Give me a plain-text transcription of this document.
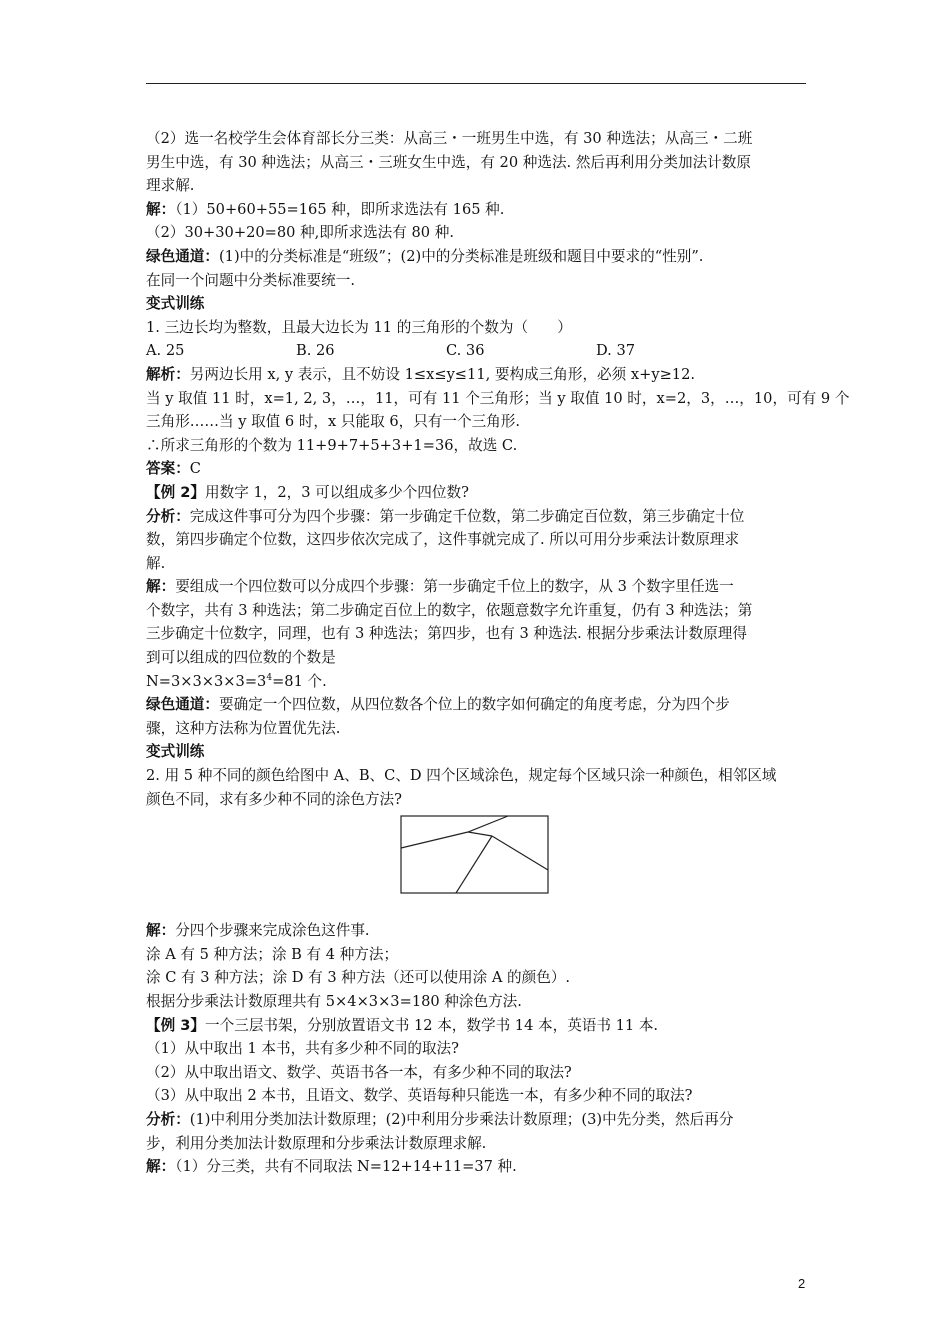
（2）选一名校学生会体育部长分三类：从高三・一班男生中选，有 30 种选法；从高三・二班

男生中选，有 30 种选法；从高三・三班女生中选，有 20 种选法. 然后再利用分类加法计数原

理求解.

解：（1）50+60+55=165 种，即所求选法有 165 种.

（2）30+30+20=80 种,即所求选法有 80 种.

绿色通道：(1)中的分类标准是“班级”；(2)中的分类标准是班级和题目中要求的“性别”.

在同一个问题中分类标准要统一.

变式训练

1. 三边长均为整数，且最大边长为 11 的三角形的个数为（　　）

A. 25	B. 26	C. 36	D. 37

解析：另两边长用 x, y 表示，且不妨设 1≤x≤y≤11, 要构成三角形，必须 x+y≥12.

当 y 取值 11 时，x=1, 2, 3，…，11，可有 11 个三角形；当 y 取值 10 时，x=2，3，…，10，可有 9 个

三角形……当 y 取值 6 时，x 只能取 6，只有一个三角形.

∴所求三角形的个数为 11+9+7+5+3+1=36，故选 C.

答案：C

【例 2】用数字 1，2，3 可以组成多少个四位数?

分析：完成这件事可分为四个步骤：第一步确定千位数，第二步确定百位数，第三步确定十位

数，第四步确定个位数，这四步依次完成了，这件事就完成了. 所以可用分步乘法计数原理求

解.

解：要组成一个四位数可以分成四个步骤：第一步确定千位上的数字，从 3 个数字里任选一

个数字，共有 3 种选法；第二步确定百位上的数字，依题意数字允许重复，仍有 3 种选法；第

三步确定十位数字，同理，也有 3 种选法；第四步，也有 3 种选法. 根据分步乘法计数原理得

到可以组成的四位数的个数是

$N=3\times 3\times 3\times 3=3^4=81$ 个.

绿色通道：要确定一个四位数，从四位数各个位上的数字如何确定的角度考虑，分为四个步

骤，这种方法称为位置优先法.

变式训练

2. 用 5 种不同的颜色给图中 A、B、C、D 四个区域涂色，规定每个区域只涂一种颜色，相邻区域

颜色不同，求有多少种不同的涂色方法?

解：分四个步骤来完成涂色这件事.

涂 A 有 5 种方法；涂 B 有 4 种方法；

涂 C 有 3 种方法；涂 D 有 3 种方法（还可以使用涂 A 的颜色）.

根据分步乘法计数原理共有 5×4×3×3=180 种涂色方法.

【例 3】一个三层书架，分别放置语文书 12 本，数学书 14 本，英语书 11 本.

（1）从中取出 1 本书，共有多少种不同的取法?

（2）从中取出语文、数学、英语书各一本，有多少种不同的取法?

（3）从中取出 2 本书，且语文、数学、英语每种只能选一本，有多少种不同的取法?

分析：(1)中利用分类加法计数原理；(2)中利用分步乘法计数原理；(3)中先分类，然后再分

步，利用分类加法计数原理和分步乘法计数原理求解.

解：（1）分三类，共有不同取法 N=12+14+11=37 种.

2
